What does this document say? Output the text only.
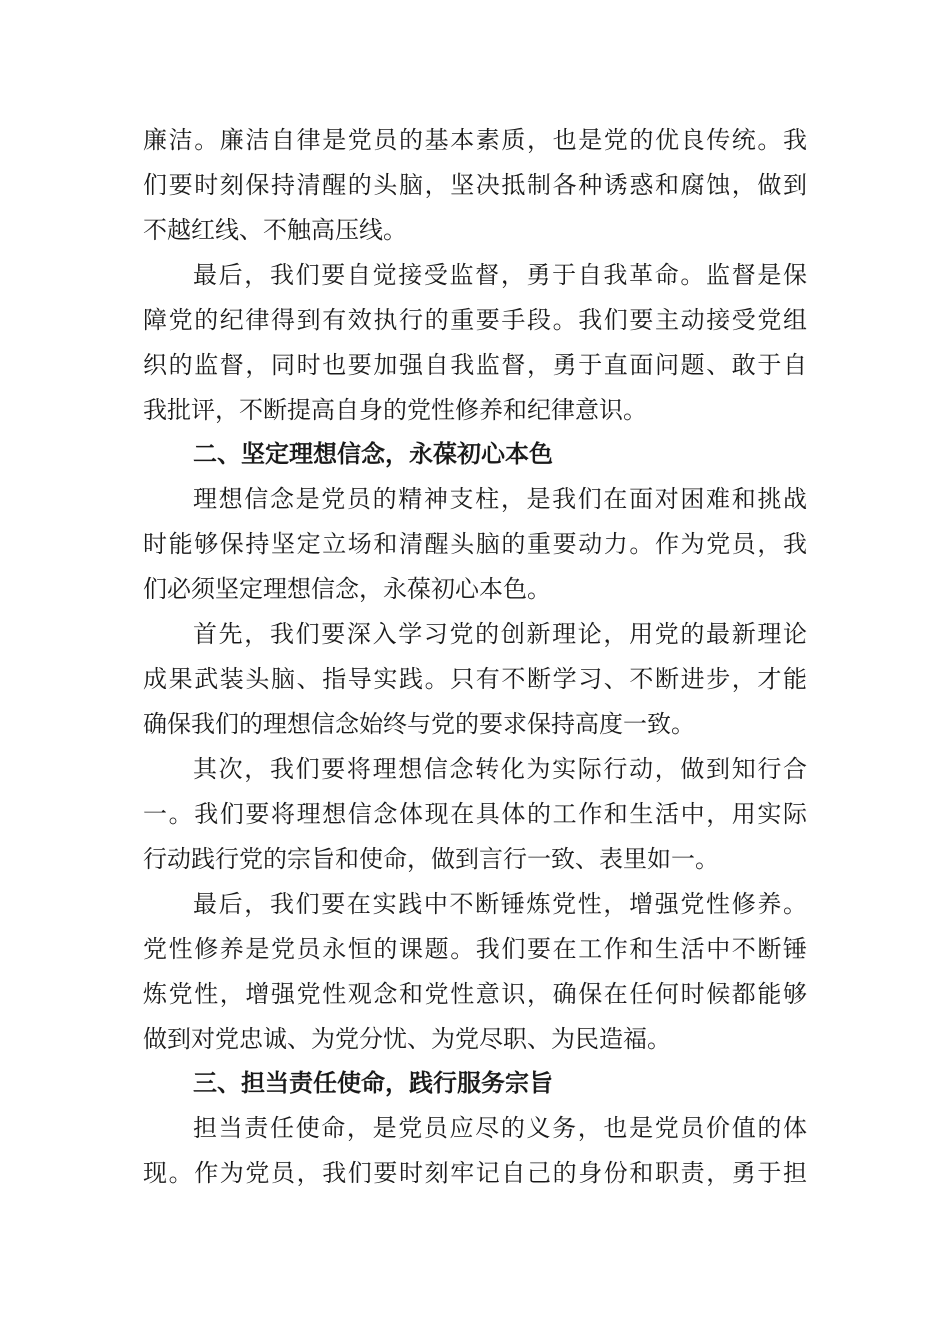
廉洁。廉洁自律是党员的基本素质，也是党的优良传统。我
们要时刻保持清醒的头脑，坚决抵制各种诱惑和腐蚀，做到
不越红线、不触高压线。
最后，我们要自觉接受监督，勇于自我革命。监督是保
障党的纪律得到有效执行的重要手段。我们要主动接受党组
织的监督，同时也要加强自我监督，勇于直面问题、敢于自
我批评，不断提高自身的党性修养和纪律意识。
二、坚定理想信念，永葆初心本色
理想信念是党员的精神支柱，是我们在面对困难和挑战
时能够保持坚定立场和清醒头脑的重要动力。作为党员，我
们必须坚定理想信念，永葆初心本色。
首先，我们要深入学习党的创新理论，用党的最新理论
成果武装头脑、指导实践。只有不断学习、不断进步，才能
确保我们的理想信念始终与党的要求保持高度一致。
其次，我们要将理想信念转化为实际行动，做到知行合
一。我们要将理想信念体现在具体的工作和生活中，用实际
行动践行党的宗旨和使命，做到言行一致、表里如一。
最后，我们要在实践中不断锤炼党性，增强党性修养。
党性修养是党员永恒的课题。我们要在工作和生活中不断锤
炼党性，增强党性观念和党性意识，确保在任何时候都能够
做到对党忠诚、为党分忧、为党尽职、为民造福。
三、担当责任使命，践行服务宗旨
担当责任使命，是党员应尽的义务，也是党员价值的体
现。作为党员，我们要时刻牢记自己的身份和职责，勇于担
